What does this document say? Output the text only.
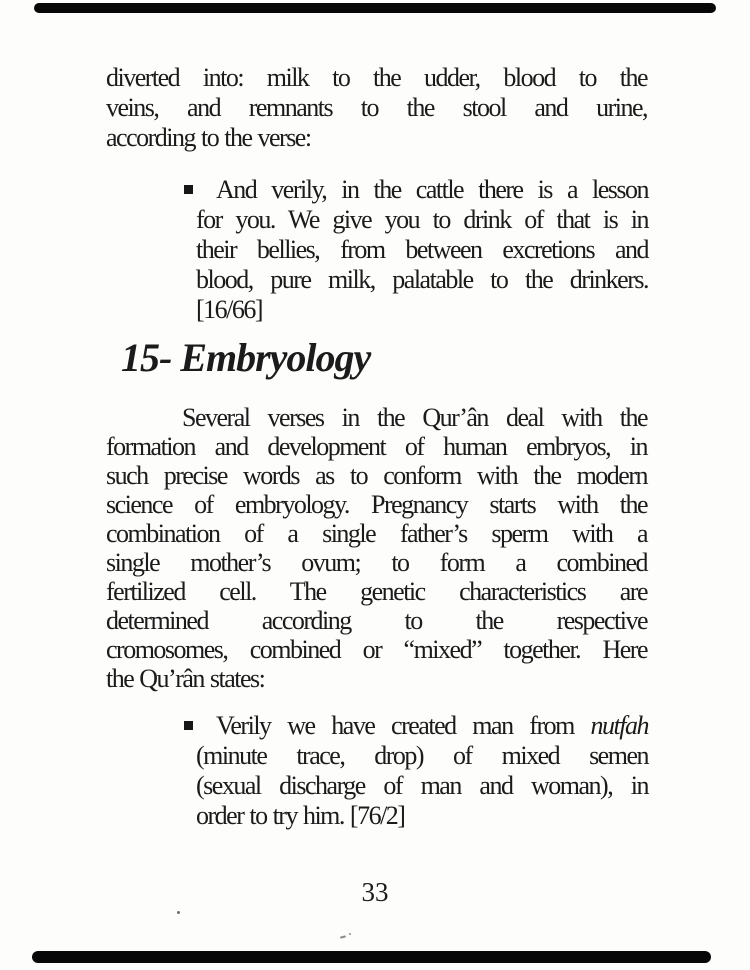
diverted into: milk to the udder, blood to the
veins, and remnants to the stool and urine,
according to the verse:
And verily, in the cattle there is a lesson
for you. We give you to drink of that is in
their bellies, from between excretions and
blood, pure milk, palatable to the drinkers.
[16/66]
15- Embryology
Several verses in the Qur’ân deal with the
formation and development of human embryos, in
such precise words as to conform with the modern
science of embryology. Pregnancy starts with the
combination of a single father’s sperm with a
single mother’s ovum; to form a combined
fertilized cell. The genetic characteristics are
determined according to the respective
cromosomes, combined or “mixed” together. Here
the Qu’rân states:
Verily we have created man from nutfah
(minute trace, drop) of mixed semen
(sexual discharge of man and woman), in
order to try him. [76/2]
33
